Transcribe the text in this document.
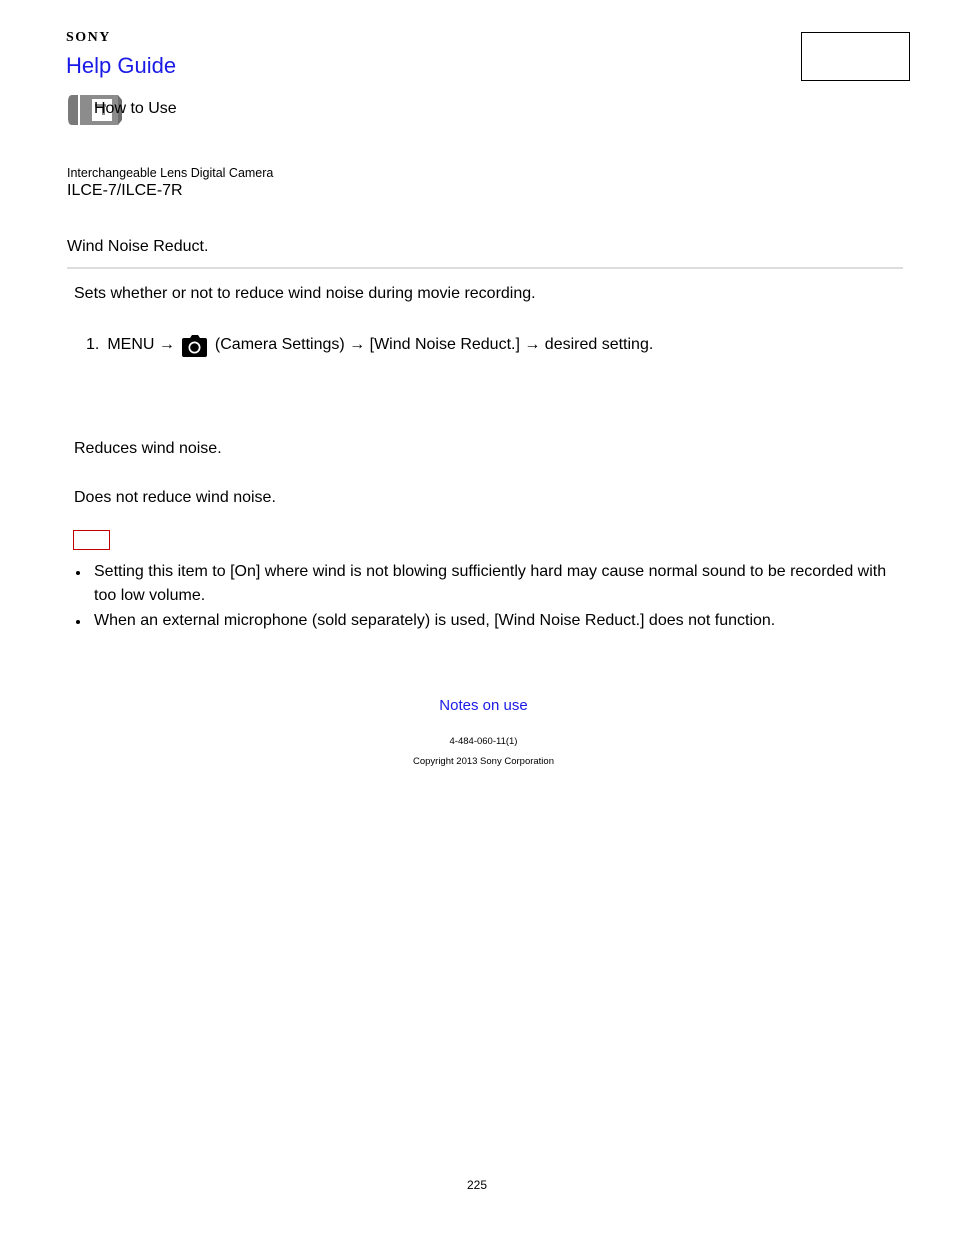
SONY
Help Guide
How to Use
Interchangeable Lens Digital Camera
ILCE-7/ILCE-7R
Wind Noise Reduct.
Sets whether or not to reduce wind noise during movie recording.
1. MENU →	(Camera Settings) → [Wind Noise Reduct.] → desired setting.
Reduces wind noise.
Does not reduce wind noise.
Setting this item to [On] where wind is not blowing sufficiently hard may cause normal sound to be recorded with too low volume.
When an external microphone (sold separately) is used, [Wind Noise Reduct.] does not function.
Notes on use
4-484-060-11(1)
Copyright 2013 Sony Corporation
225
